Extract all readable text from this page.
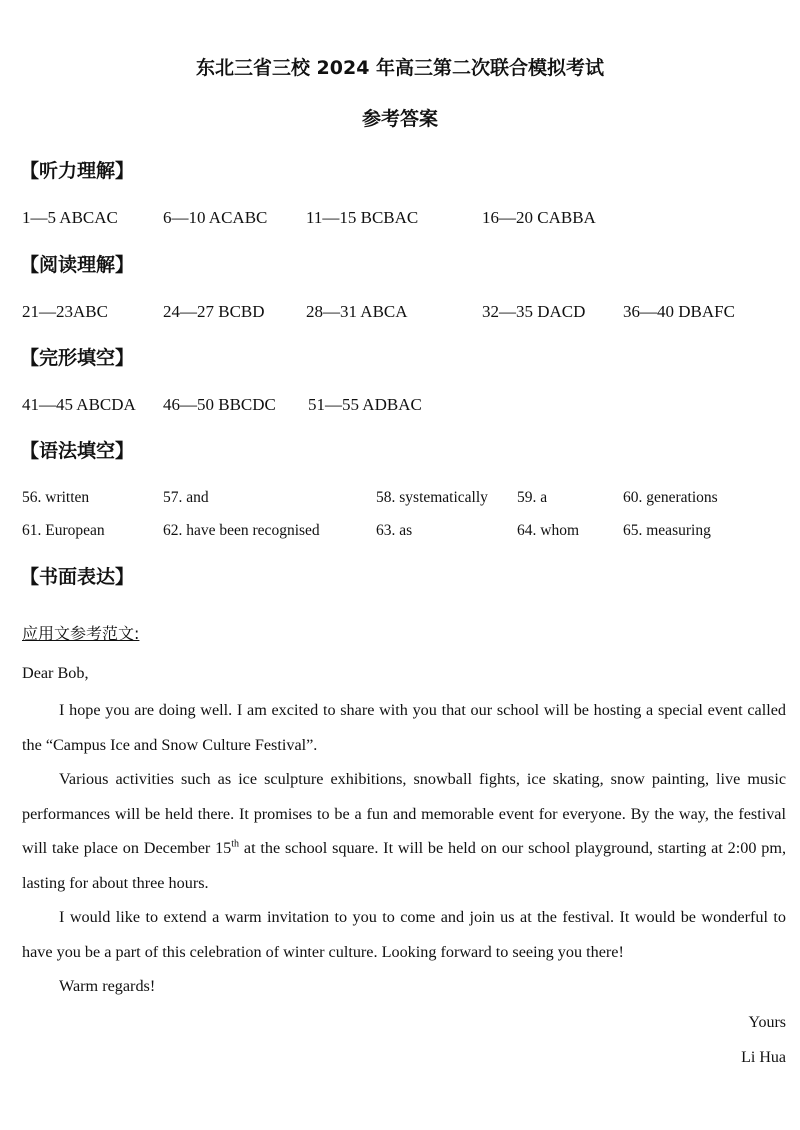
东北三省三校 2024 年高三第二次联合模拟考试
参考答案
【听力理解】
1—5 ABCAC	6—10 ACABC 11—15 BCBAC	16—20 CABBA
【阅读理解】
21—23ABC	24—27 BCBD 28—31 ABCA	32—35 DACD 36—40 DBAFC
【完形填空】
41—45 ABCDA 46—50 BBCDC 51—55 ADBAC
【语法填空】
56. written	57. and	58. systematically 59. a	60. generations
61. European	62. have been recognised	63. as	64. whom	65. measuring
【书面表达】
应用文参考范文:
Dear Bob,

I hope you are doing well. I am excited to share with you that our school will be hosting a special event called the “Campus Ice and Snow Culture Festival”.

Various activities such as ice sculpture exhibitions, snowball fights, ice skating, snow painting, live music performances will be held there. It promises to be a fun and memorable event for everyone. By the way, the festival will take place on December 15th at the school square. It will be held on our school playground, starting at 2:00 pm, lasting for about three hours.

I would like to extend a warm invitation to you to come and join us at the festival. It would be wonderful to have you be a part of this celebration of winter culture. Looking forward to seeing you there!

Warm regards!
Yours
Li Hua
